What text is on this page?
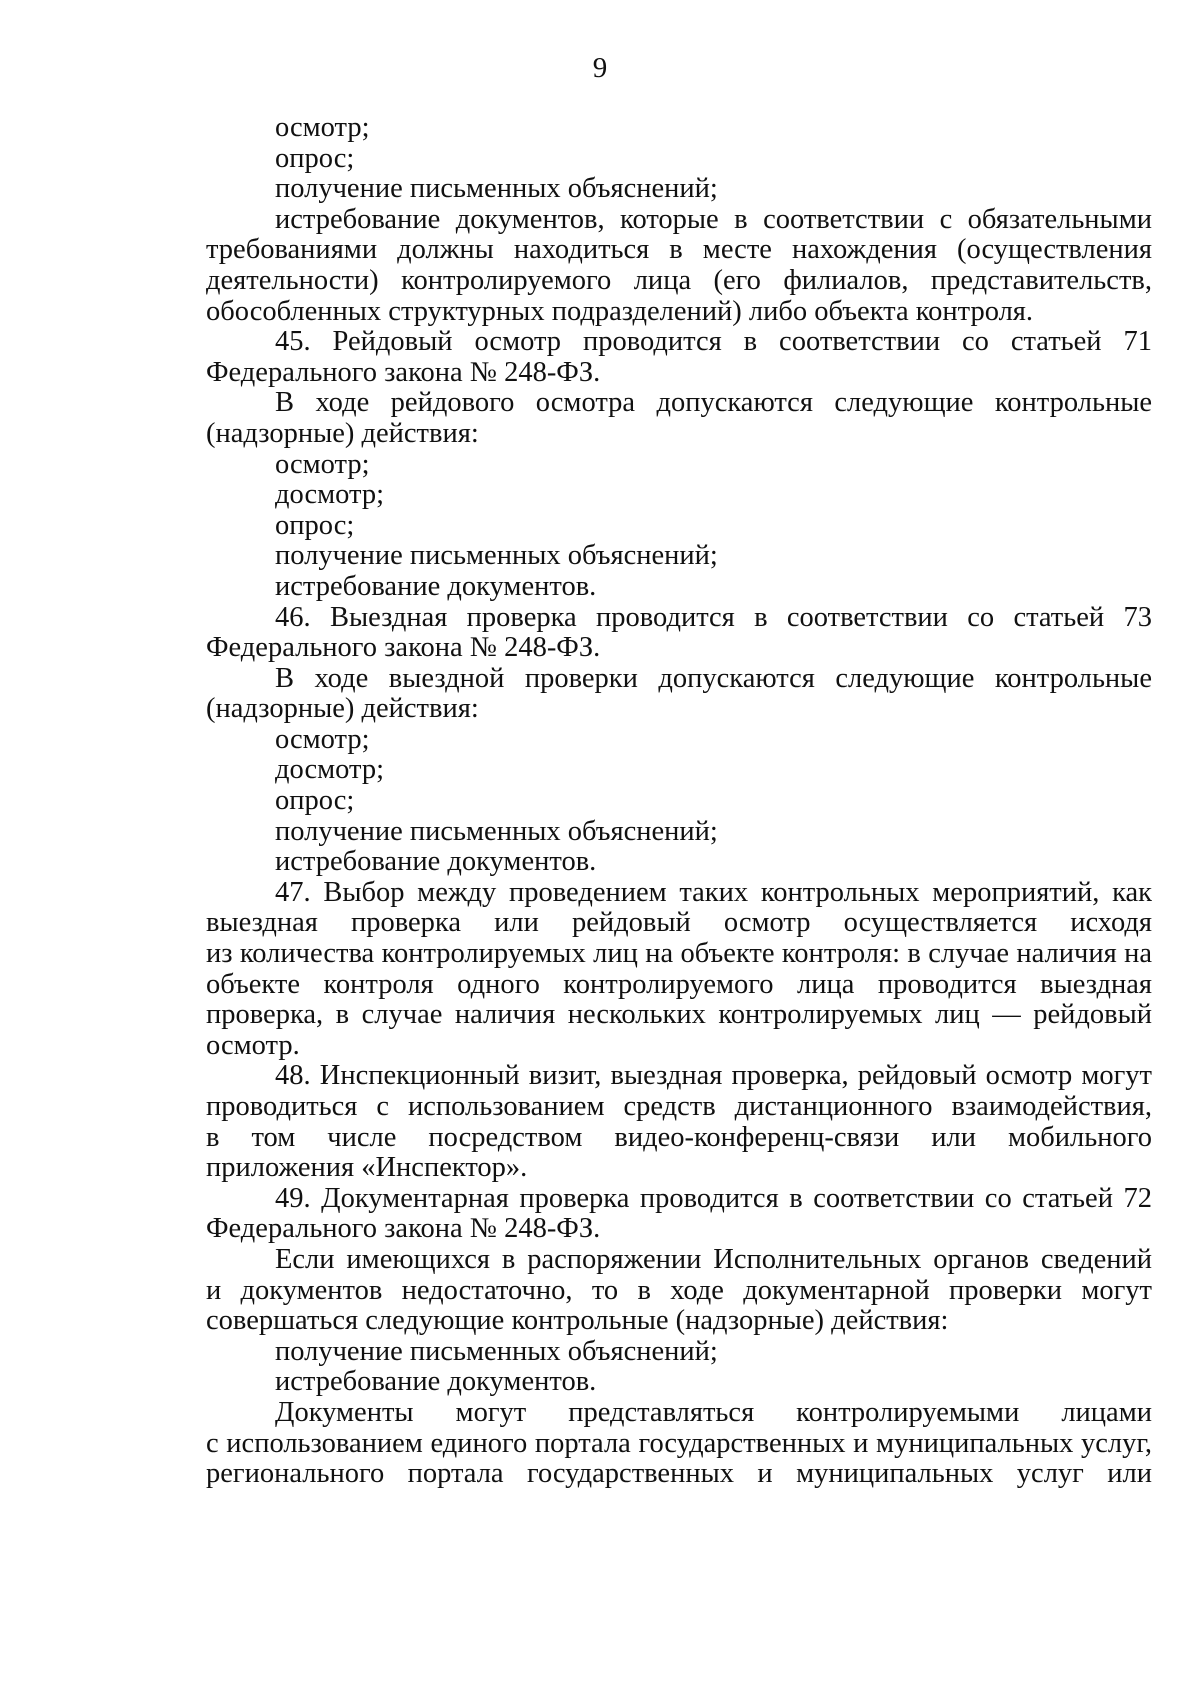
9
осмотр;
опрос;
получение письменных объяснений;
истребование документов, которые в соответствии с обязательными
требованиями должны находиться в месте нахождения (осуществления
деятельности) контролируемого лица (его филиалов, представительств,
обособленных структурных подразделений) либо объекта контроля.
45. Рейдовый осмотр проводится в соответствии со статьей 71
Федерального закона № 248-ФЗ.
В ходе рейдового осмотра допускаются следующие контрольные
(надзорные) действия:
осмотр;
досмотр;
опрос;
получение письменных объяснений;
истребование документов.
46. Выездная проверка проводится в соответствии со статьей 73
Федерального закона № 248-ФЗ.
В ходе выездной проверки допускаются следующие контрольные
(надзорные) действия:
осмотр;
досмотр;
опрос;
получение письменных объяснений;
истребование документов.
47. Выбор между проведением таких контрольных мероприятий, как
выездная проверка или рейдовый осмотр осуществляется исходя
из количества контролируемых лиц на объекте контроля: в случае наличия на
объекте контроля одного контролируемого лица проводится выездная
проверка, в случае наличия нескольких контролируемых лиц — рейдовый
осмотр.
48. Инспекционный визит, выездная проверка, рейдовый осмотр могут
проводиться с использованием средств дистанционного взаимодействия,
в том числе посредством видео-конференц-связи или мобильного
приложения «Инспектор».
49. Документарная проверка проводится в соответствии со статьей 72
Федерального закона № 248-ФЗ.
Если имеющихся в распоряжении Исполнительных органов сведений
и документов недостаточно, то в ходе документарной проверки могут
совершаться следующие контрольные (надзорные) действия:
получение письменных объяснений;
истребование документов.
Документы могут представляться контролируемыми лицами
с использованием единого портала государственных и муниципальных услуг,
регионального портала государственных и муниципальных услуг или
